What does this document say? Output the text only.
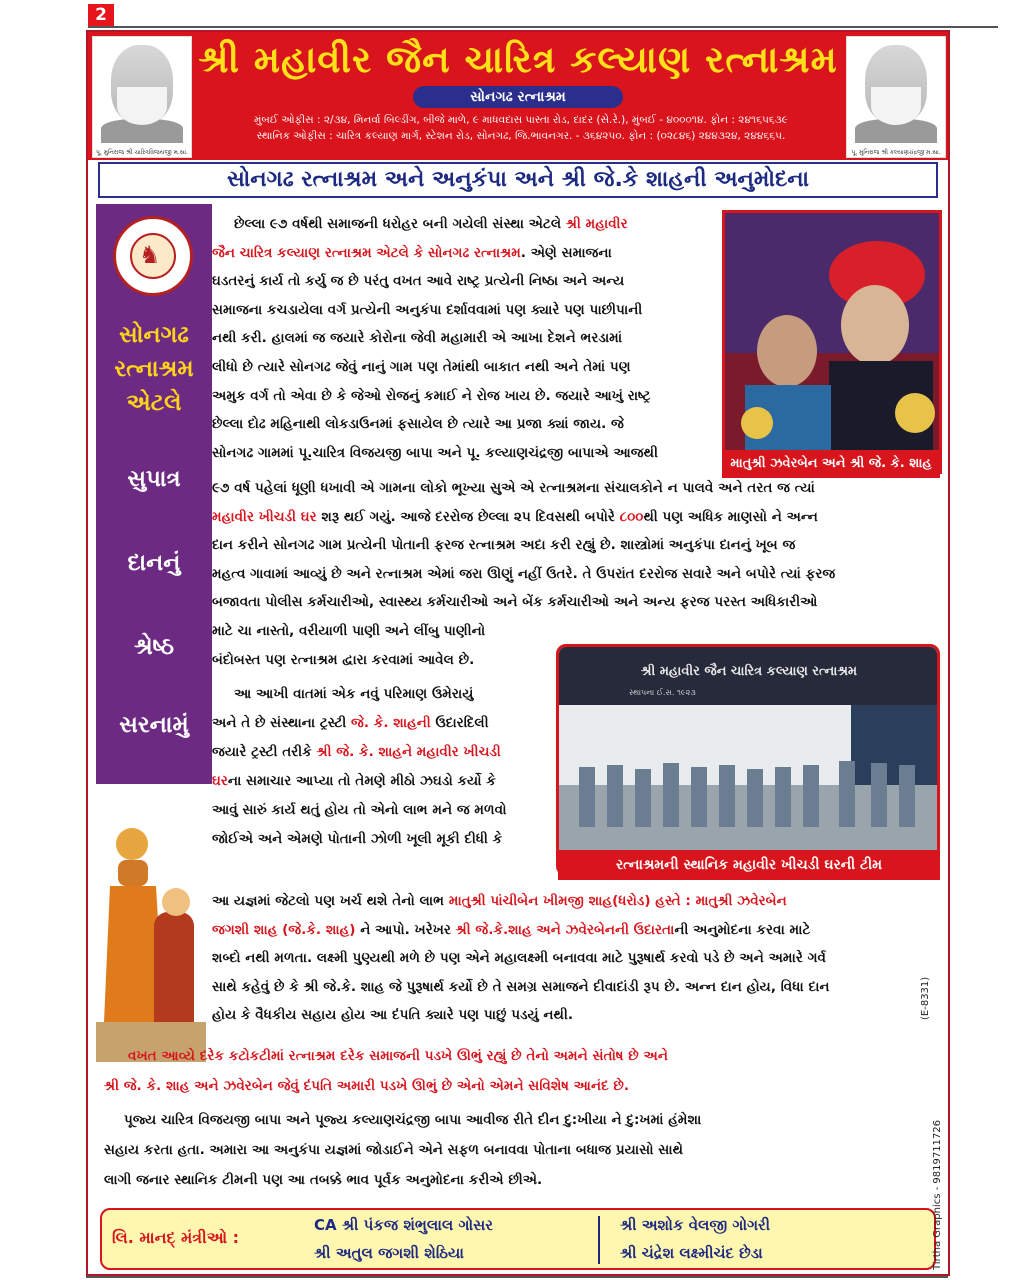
2
પૂ. મુનિરાજ શ્રી ચારિત્રવિજયજી મ.સા.
શ્રી મહાવીર જૈન ચારિત્ર કલ્યાણ રત્નાશ્રમ
સોનગઢ રત્નાશ્રમ
મુંબઈ ઓફીસ : ૨/૩૪, મિનર્વા બિલ્ડીંગ, બીજે માળે, ૯ માધવદાસ પાસ્તા રોડ, દાદર (સે.રે.), મુંબઈ - ૪૦૦૦૧૪. ફોન : ૨૪૧૬૫૬૩૯
સ્થાનિક ઓફીસ : ચારિત્ર કલ્યાણ માર્ગ, સ્ટેશન રોડ, સોનગઢ, જિ.ભાવનગર. - ૩૬૪૨૫૦. ફોન : (૦૨૮૪૬) ૨૪૪૩૨૪, ૨૪૪૬૬૫.
પૂ. મુનિરાજ શ્રી કલ્યાણચંદ્રજી મ.સા.
સોનગઢ રત્નાશ્રમ અને અનુકંપા અને શ્રી જે.કે શાહની અનુમોદના
♞
સોનગઢ
રત્નાશ્રમ
એટલે
સુપાત્ર
દાનનું
શ્રેષ્ઠ
સરનામું
માતુશ્રી ઝવેરબેન અને શ્રી જે. કે. શાહ
શ્રી મહાવીર જૈન ચારિત્ર કલ્યાણ રત્નાશ્રમ
સ્થાપના ઈ.સ. ૧૯૨૩
રત્નાશ્રમની સ્થાનિક મહાવીર ખીચડી ઘરની ટીમ
છેલ્લા ૯૭ વર્ષથી સમાજની ધરોહર બની ગયેલી સંસ્થા એટલે શ્રી મહાવીર
જૈન ચારિત્ર કલ્યાણ રત્નાશ્રમ એટલે કે સોનગઢ રત્નાશ્રમ. એણે સમાજના
ઘડતરનું કાર્ય તો કર્યુ જ છે પરંતુ વખત આવે રાષ્ટ્ર પ્રત્યેની નિષ્ઠા અને અન્ય
સમાજના કચડાયેલા વર્ગ પ્રત્યેની અનુકંપા દર્શાવવામાં પણ ક્યારે પણ પાછીપાની
નથી કરી. હાલમાં જ જયારે કોરોના જેવી મહામારી એ આખા દેશને ભરડામાં
લીધો છે ત્યારે સોનગઢ જેવું નાનું ગામ પણ તેમાંથી બાકાત નથી અને તેમાં પણ
અમુક વર્ગ તો એવા છે કે જેઓ રોજનું કમાઈ ને રોજ ખાય છે. જયારે આખું રાષ્ટ્ર
છેલ્લા દોઢ મહિનાથી લોકડાઉનમાં ફસાયેલ છે ત્યારે આ પ્રજા ક્યાં જાય. જે
સોનગઢ ગામમાં પૂ.ચારિત્ર વિજયજી બાપા અને પૂ. કલ્યાણચંદ્રજી બાપાએ આજથી
૯૭ વર્ષ પહેલાં ધૂણી ધખાવી એ ગામના લોકો ભૂખ્યા સુએ એ રત્નાશ્રમના સંચાલકોને ન પાલવે અને તરત જ ત્યાં
મહાવીર ખીચડી ઘર શરૂ થઈ ગયું. આજે દરરોજ છેલ્લા ૨૫ દિવસથી બપોરે ૮૦૦થી પણ અધિક માણસો ને અન્ન
દાન કરીને સોનગઢ ગામ પ્રત્યેની પોતાની ફરજ રત્નાશ્રમ અદા કરી રહ્યું છે. શાસ્ત્રોમાં અનુકંપા દાનનું ખૂબ જ
મહત્વ ગાવામાં આવ્યું છે અને રત્નાશ્રમ એમાં જરા ઊણું નહીં ઉતરે. તે ઉપરાંત દરરોજ સવારે અને બપોરે ત્યાં ફરજ
બજાવતા પોલીસ કર્મચારીઓ, સ્વાસ્થ્ય કર્મચારીઓ અને બેંક કર્મચારીઓ અને અન્ય ફરજ પરસ્ત અધિકારીઓ
માટે ચા નાસ્તો, વરીયાળી પાણી અને લીંબુ પાણીનો
બંદોબસ્ત પણ રત્નાશ્રમ દ્વારા કરવામાં આવેલ છે.
આ આખી વાતમાં એક નવું પરિમાણ ઉમેરાયું
અને તે છે સંસ્થાના ટ્રસ્ટી જે. કે. શાહની ઉદારદિલી
જયારે ટ્રસ્ટી તરીકે શ્રી જે. કે. શાહને મહાવીર ખીચડી
ઘરના સમાચાર આપ્યા તો તેમણે મીઠો ઝઘડો કર્યો કે
આવું સારું કાર્ય થતું હોય તો એનો લાભ મને જ મળવો
જોઈએ અને એમણે પોતાની ઝોળી ખૂલી મૂકી દીધી કે
આ યજ્ઞમાં જેટલો પણ ખર્ચ થશે તેનો લાભ માતુશ્રી પાંચીબેન ખીમજી શાહ(ધરોડ) હસ્તે : માતુશ્રી ઝવેરબેન
જગશી શાહ (જે.કે. શાહ) ને આપો. ખરેખર શ્રી જે.કે.શાહ અને ઝવેરબેનની ઉદારતાની અનુમોદના કરવા માટે
શબ્દો નથી મળતા. લક્ષ્મી પુણ્યથી મળે છે પણ એને મહાલક્ષ્મી બનાવવા માટે પુરૂષાર્થ કરવો પડે છે અને અમારે ગર્વ
સાથે કહેવું છે કે શ્રી જે.કે. શાહ જે પુરૂષાર્થ કર્યો છે તે સમગ્ર સમાજને દીવાદાંડી રૂપ છે. અન્ન દાન હોય, વિધા દાન
હોય કે વૈધકીય સહાય હોય આ દંપતિ ક્યારે પણ પાછું પડયું નથી.
વખત આવ્યે દરેક કટોકટીમાં રત્નાશ્રમ દરેક સમાજની પડખે ઊભું રહ્યું છે તેનો અમને સંતોષ છે અને
શ્રી જે. કે. શાહ અને ઝવેરબેન જેવું દંપતિ અમારી પડખે ઊભું છે એનો એમને સવિશેષ આનંદ છે.
પૂજ્ય ચારિત્ર વિજયજી બાપા અને પૂજ્ય કલ્યાણચંદ્રજી બાપા આવીજ રીતે દીન દુ:ખીયા ને દુ:ખમાં હંમેશા
સહાય કરતા હતા. અમારા આ અનુકંપા યજ્ઞમાં જોડાઈને એને સફળ બનાવવા પોતાના બધાજ પ્રયાસો સાથે
લાગી જનાર સ્થાનિક ટીમની પણ આ તબક્કે ભાવ પૂર્વક અનુમોદના કરીએ છીએ.
લિ. માનદ્ મંત્રીઓ :
CA શ્રી પંકજ શંભુલાલ ગોસર
શ્રી અતુલ જગશી શેઠિયા
શ્રી અશોક વેલજી ગોગરી
શ્રી ચંદ્રેશ લક્ષ્મીચંદ છેડા
(E-8331)
Tirtha Graphics - 9819711726
